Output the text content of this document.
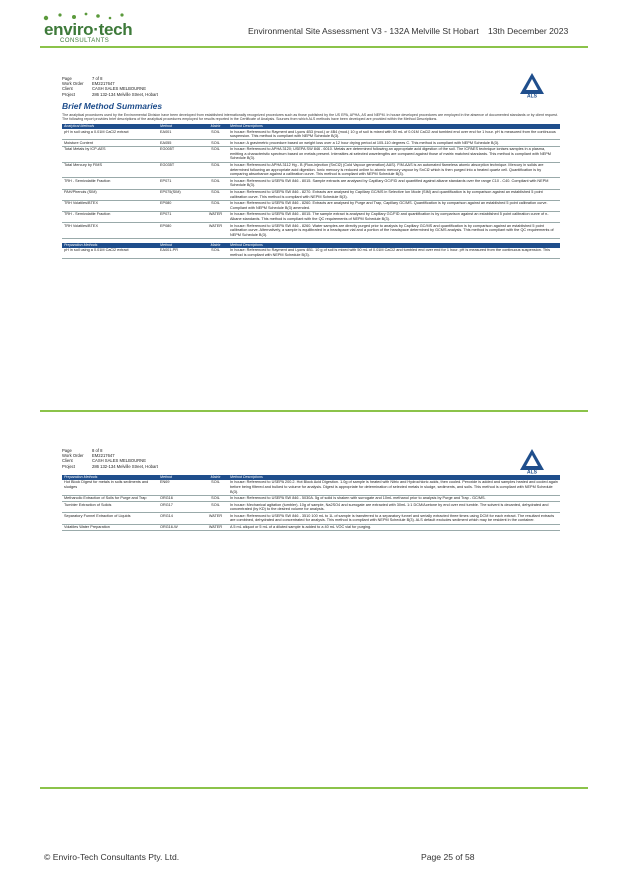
enviro·tech
CONSULTANTS
Environmental Site Assessment V3 - 132A Melville St Hobart 13th December 2023
Page	7 of 8
Work Order	EM2217647
Client	CASH SALES MELBOURNE
Project	286 132-134 Melville Street, Hobart
Brief Method Summaries
The analytical procedures used by the Environmental Division have been developed from established internationally recognized procedures such as those published by the US EPA, APHA, AS and NEPM. In house developed procedures are employed in the absence of documented standards or by client request. The following report provides brief descriptions of the analytical procedures employed for results reported in the Certificate of Analysis. Sources from which ALS methods have been developed are provided within the Method Descriptions.
Analytical Methods	Method	Matrix	Method Descriptions
pH in soil using a 0.01M CaCl2 extract	EA001	SOIL	In house: Referenced to Rayment and Lyons 4B3 (mod.) or 4B4 (mod.) 10 g of soil is mixed with 50 mL of 0.01M CaCl2 and tumbled end over end for 1 hour. pH is measured from the continuous suspension. This method is compliant with NEPM Schedule B(3).
Moisture Content	EA055	SOIL	In house: A gravimetric procedure based on weight loss over a 12 hour drying period at 105-110 degrees C. This method is compliant with NEPM Schedule B(3).
Total Metals by ICP-AES	EG005T	SOIL	In house: Referenced to APHA 3120; USEPA SW 846 - 6010. Metals are determined following an appropriate acid digestion of the soil. The ICPAES technique ionises samples in a plasma, emitting a characteristic spectrum based on metals present. Intensities at selected wavelengths are compared against those of matrix matched standards. This method is compliant with NEPM Schedule B(3).
Total Mercury by FIMS	EG035T	SOIL	In house: Referenced to APHA 3112 Hg - B (Flow-injection (SnCl2) (Cold Vapour generation) AAS). FIM-AAS is an automated flameless atomic absorption technique. Mercury in solids are determined following an appropriate acid digestion. Ionic mercury is reduced online to atomic mercury vapour by SnCl2 which is then purged into a heated quartz cell. Quantification is by comparing absorbance against a calibration curve. This method is compliant with NEPM Schedule B(3).
TRH - Semivolatile Fraction	EP071	SOIL	In house: Referenced to USEPA SW 846 - 8015. Sample extracts are analysed by Capillary GC/FID and quantified against alkane standards over the range C10 - C40. Compliant with NEPM Schedule B(3).
PAH/Phenols (SIM)	EP075(SIM)	SOIL	In house: Referenced to USEPA SW 846 - 8270. Extracts are analysed by Capillary GC/MS in Selective Ion Mode (SIM) and quantification is by comparison against an established 5 point calibration curve. This method is compliant with NEPM Schedule B(3).
TRH Volatiles/BTEX	EP080	SOIL	In house: Referenced to USEPA SW 846 - 8260. Extracts are analysed by Purge and Trap, Capillary GC/MS. Quantification is by comparison against an established 5 point calibration curve. Compliant with NEPM Schedule B(3) amended.
TRH - Semivolatile Fraction	EP071	WATER	In house: Referenced to USEPA SW 846 - 8015. The sample extract is analysed by Capillary GC/FID and quantification is by comparison against an established 5 point calibration curve of n-Alkane standards. This method is compliant with the QC requirements of NEPM Schedule B(3).
TRH Volatiles/BTEX	EP080	WATER	In house: Referenced to USEPA SW 846 - 8260. Water samples are directly purged prior to analysis by Capillary GC/MS and quantification is by comparison against an established 5 point calibration curve. Alternatively, a sample is equilibrated in a headspace vial and a portion of the headspace determined by GCMS analysis. This method is compliant with the QC requirements of NEPM Schedule B(3).
Preparation Methods	Method	Matrix	Method Descriptions
pH in soil using a 0.01M CaCl2 extract	EA001-PR	SOIL	In house: Referenced to Rayment and Lyons 4B1. 10 g of soil is mixed with 50 mL of 0.01M CaCl2 and tumbled end over end for 1 hour. pH is measured from the continuous suspension. This method is compliant with NEPM Schedule B(3).
ALS
Page	8 of 8
Work Order	EM2217647
Client	CASH SALES MELBOURNE
Project	286 132-134 Melville Street, Hobart
Preparation Methods	Method	Matrix	Method Descriptions
Hot Block Digest for metals in soils sediments and sludges	EN69	SOIL	In house: Referenced to USEPA 200.2. Hot Block Acid Digestion. 1.0g of sample is heated with Nitric and Hydrochloric acids, then cooled. Peroxide is added and samples heated and cooled again before being filtered and bulked to volume for analysis. Digest is appropriate for determination of selected metals in sludge, sediments, and soils. This method is compliant with NEPM Schedule B(3).
Methanolic Extraction of Soils for Purge and Trap	ORG16	SOIL	In house: Referenced to USEPA SW 846 - 5030A. 5g of solid is shaken with surrogate and 10mL methanol prior to analysis by Purge and Trap - GC/MS.
Tumbler Extraction of Solids	ORG17	SOIL	In house: Mechanical agitation (tumbler). 10g of sample, Na2SO4 and surrogate are extracted with 30mL 1:1 DCM/Acetone by end over end tumble. The solvent is decanted, dehydrated and concentrated (by KD) to the desired volume for analysis.
Separatory Funnel Extraction of Liquids	ORG14	WATER	In house: Referenced to USEPA SW 846 - 3510 100 mL to 1L of sample is transferred to a separatory funnel and serially extracted three times using DCM for each extract. The resultant extracts are combined, dehydrated and concentrated for analysis. This method is compliant with NEPM Schedule B(3). ALS default excludes sediment which may be resident in the container.
Volatiles Water Preparation	ORG16-W	WATER	A 5 mL aliquot or 5 mL of a diluted sample is added to a 40 mL VOC vial for purging.
ALS
© Enviro-Tech Consultants Pty. Ltd.	Page 25 of 58
